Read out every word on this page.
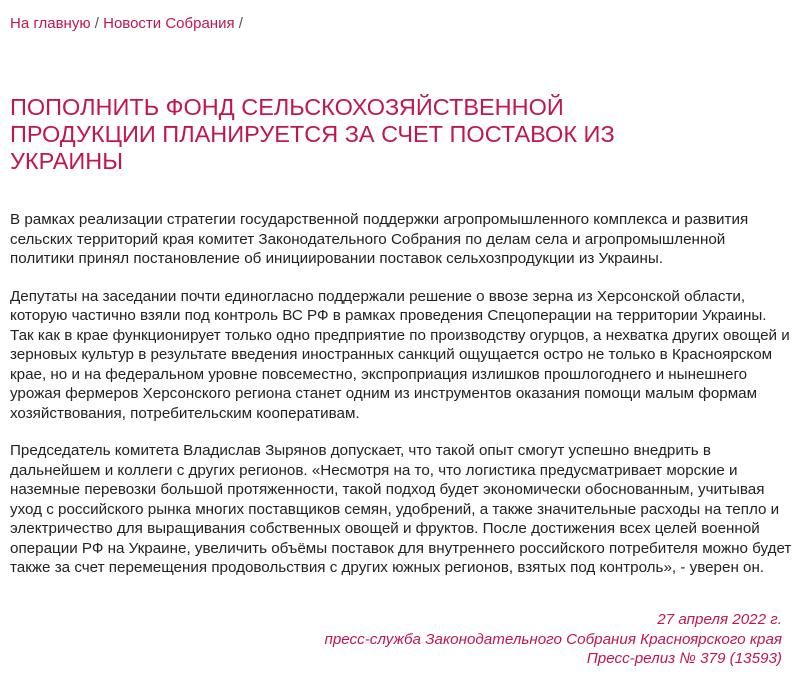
На главную / Новости Собрания /
ПОПОЛНИТЬ ФОНД СЕЛЬСКОХОЗЯЙСТВЕННОЙ ПРОДУКЦИИ ПЛАНИРУЕТСЯ ЗА СЧЕТ ПОСТАВОК ИЗ УКРАИНЫ

В рамках реализации стратегии государственной поддержки агропромышленного комплекса и развития сельских территорий края комитет Законодательного Собрания по делам села и агропромышленной политики принял постановление об инициировании поставок сельхозпродукции из Украины.

Депутаты на заседании почти единогласно поддержали решение о ввозе зерна из Херсонской области, которую частично взяли под контроль ВС РФ в рамках проведения Спецоперации на территории Украины. Так как в крае функционирует только одно предприятие по производству огурцов, а нехватка других овощей и зерновых культур в результате введения иностранных санкций ощущается остро не только в Красноярском крае, но и на федеральном уровне повсеместно, экспроприация излишков прошлогоднего и нынешнего урожая фермеров Херсонского региона станет одним из инструментов оказания помощи малым формам хозяйствования, потребительским кооперативам.

Председатель комитета Владислав Зырянов допускает, что такой опыт смогут успешно внедрить в дальнейшем и коллеги с других регионов. «Несмотря на то, что логистика предусматривает морские и наземные перевозки большой протяженности, такой подход будет экономически обоснованным, учитывая уход с российского рынка многих поставщиков семян, удобрений, а также значительные расходы на тепло и электричество для выращивания собственных овощей и фруктов. После достижения всех целей военной операции РФ на Украине, увеличить объёмы поставок для внутреннего российского потребителя можно будет также за счет перемещения продовольствия с других южных регионов, взятых под контроль», - уверен он.

27 апреля 2022 г.
пресс-служба Законодательного Собрания Красноярского края
Пресс-релиз № 379 (13593)
